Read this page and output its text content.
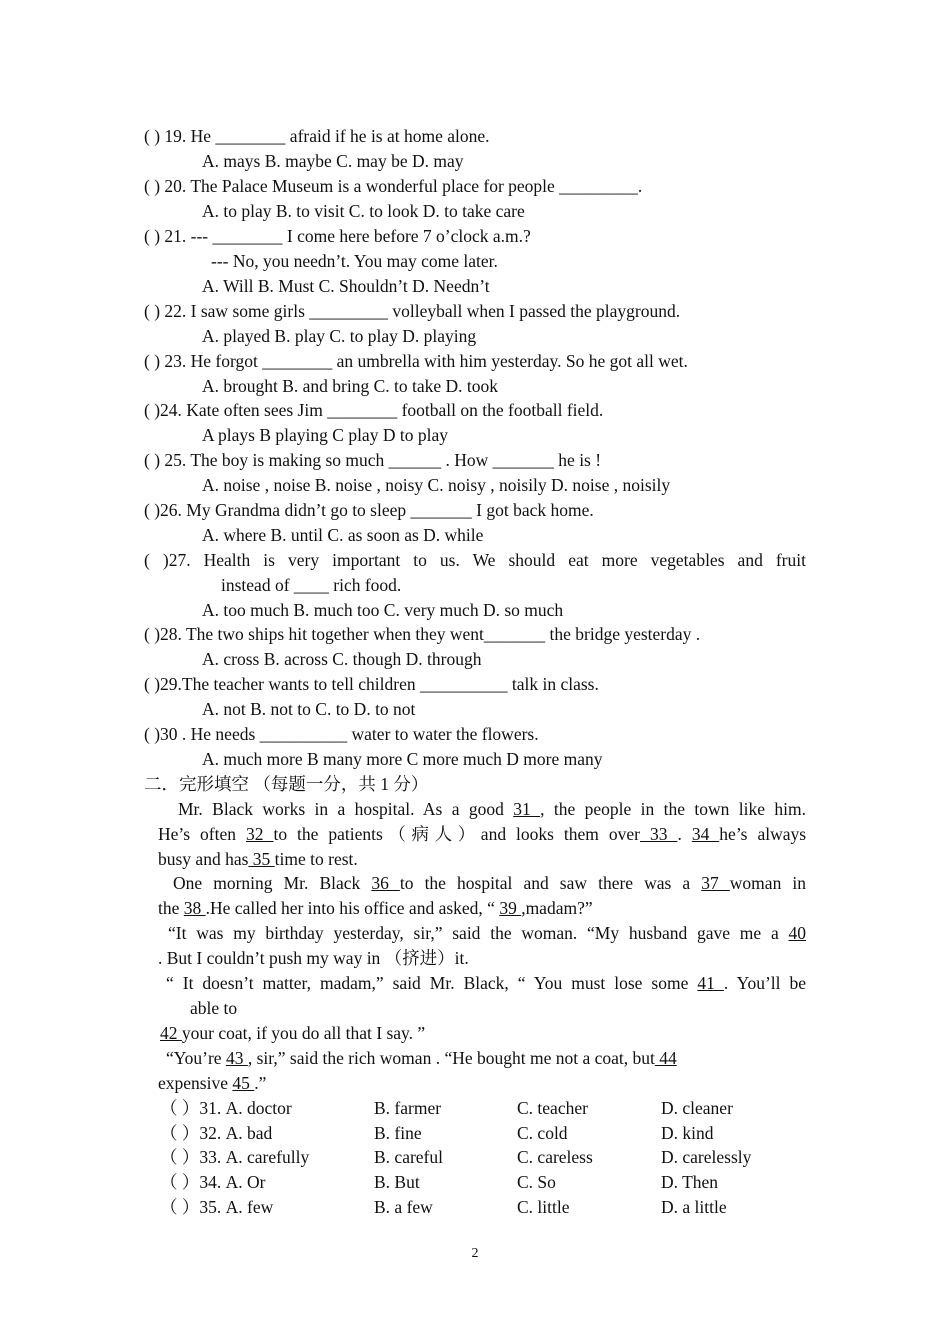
( ) 19. He ________ afraid if he is at home alone.
A. mays B. maybe C. may be D. may
( ) 20. The Palace Museum is a wonderful place for people _________.
A. to play B. to visit C. to look D. to take care
( ) 21. --- ________ I come here before 7 o’clock a.m.?
--- No, you needn’t. You may come later.
A. Will B. Must C. Shouldn’t D. Needn’t
( ) 22. I saw some girls _________ volleyball when I passed the playground.
A. played B. play C. to play D. playing
( ) 23. He forgot ________ an umbrella with him yesterday. So he got all wet.
A. brought B. and bring C. to take D. took
( )24. Kate often sees Jim ________ football on the football field.
A plays B playing C play D to play
( ) 25. The boy is making so much ______ . How _______ he is !
A. noise , noise B. noise , noisy C. noisy , noisily D. noise , noisily
( )26. My Grandma didn’t go to sleep _______ I got back home.
A. where B. until C. as soon as D. while
( )27. Health is very important to us. We should eat more vegetables and fruit
instead of ____ rich food.
A. too much B. much too C. very much D. so much
( )28. The two ships hit together when they went_______ the bridge yesterday .
A. cross B. across C. though D. through
( )29.The teacher wants to tell children __________ talk in class.
A. not B. not to C. to D. to not
( )30 . He needs __________ water to water the flowers.
A. much more B many more C more much D more many
二．完形填空 （每题一分，共 1 分）
Mr. Black works in a hospital. As a good 31 , the people in the town like him.
He’s often 32 to the patients（病人）and looks them over 33 . 34 he’s always
busy and has 35 time to rest.
One morning Mr. Black 36 to the hospital and saw there was a 37 woman in
the 38 .He called her into his office and asked, “ 39 ,madam?”
“It was my birthday yesterday, sir,” said the woman. “My husband gave me a 40
. But I couldn’t push my way in （挤进）it.
“ It doesn’t matter, madam,” said Mr. Black, “ You must lose some 41 . You’ll be
able to
42 your coat, if you do all that I say. ”
“You’re 43 , sir,” said the rich woman . “He bought me not a coat, but 44
expensive 45 .”
（ ）31. A. doctor	B. farmer	C. teacher	D. cleaner
（ ）32. A. bad	B. fine	C. cold	D. kind
（ ）33. A. carefully	B. careful	C. careless	D. carelessly
（ ）34. A. Or	B. But	C. So	D. Then
（ ）35. A. few	B. a few	C. little	D. a little
2
